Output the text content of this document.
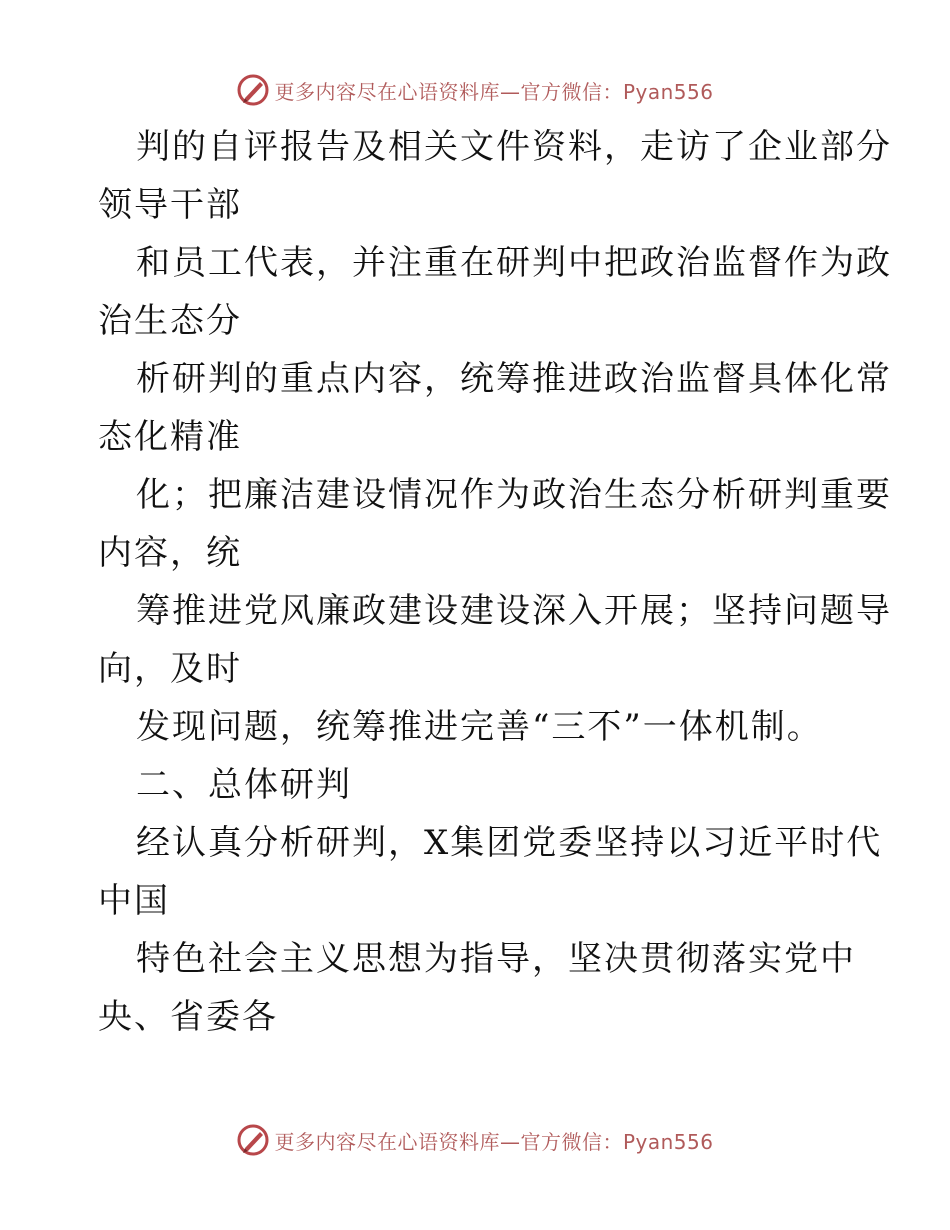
更多内容尽在心语资料库—官方微信：Pyan556
判的自评报告及相关文件资料，走访了企业部分
领导干部
和员工代表，并注重在研判中把政治监督作为政
治生态分
析研判的重点内容，统筹推进政治监督具体化常
态化精准
化；把廉洁建设情况作为政治生态分析研判重要
内容，统
筹推进党风廉政建设建设深入开展；坚持问题导
向，及时
发现问题，统筹推进完善“三不”一体机制。
二、总体研判
经认真分析研判，X集团党委坚持以习近平时代
中国
特色社会主义思想为指导，坚决贯彻落实党中
央、省委各
更多内容尽在心语资料库—官方微信：Pyan556
